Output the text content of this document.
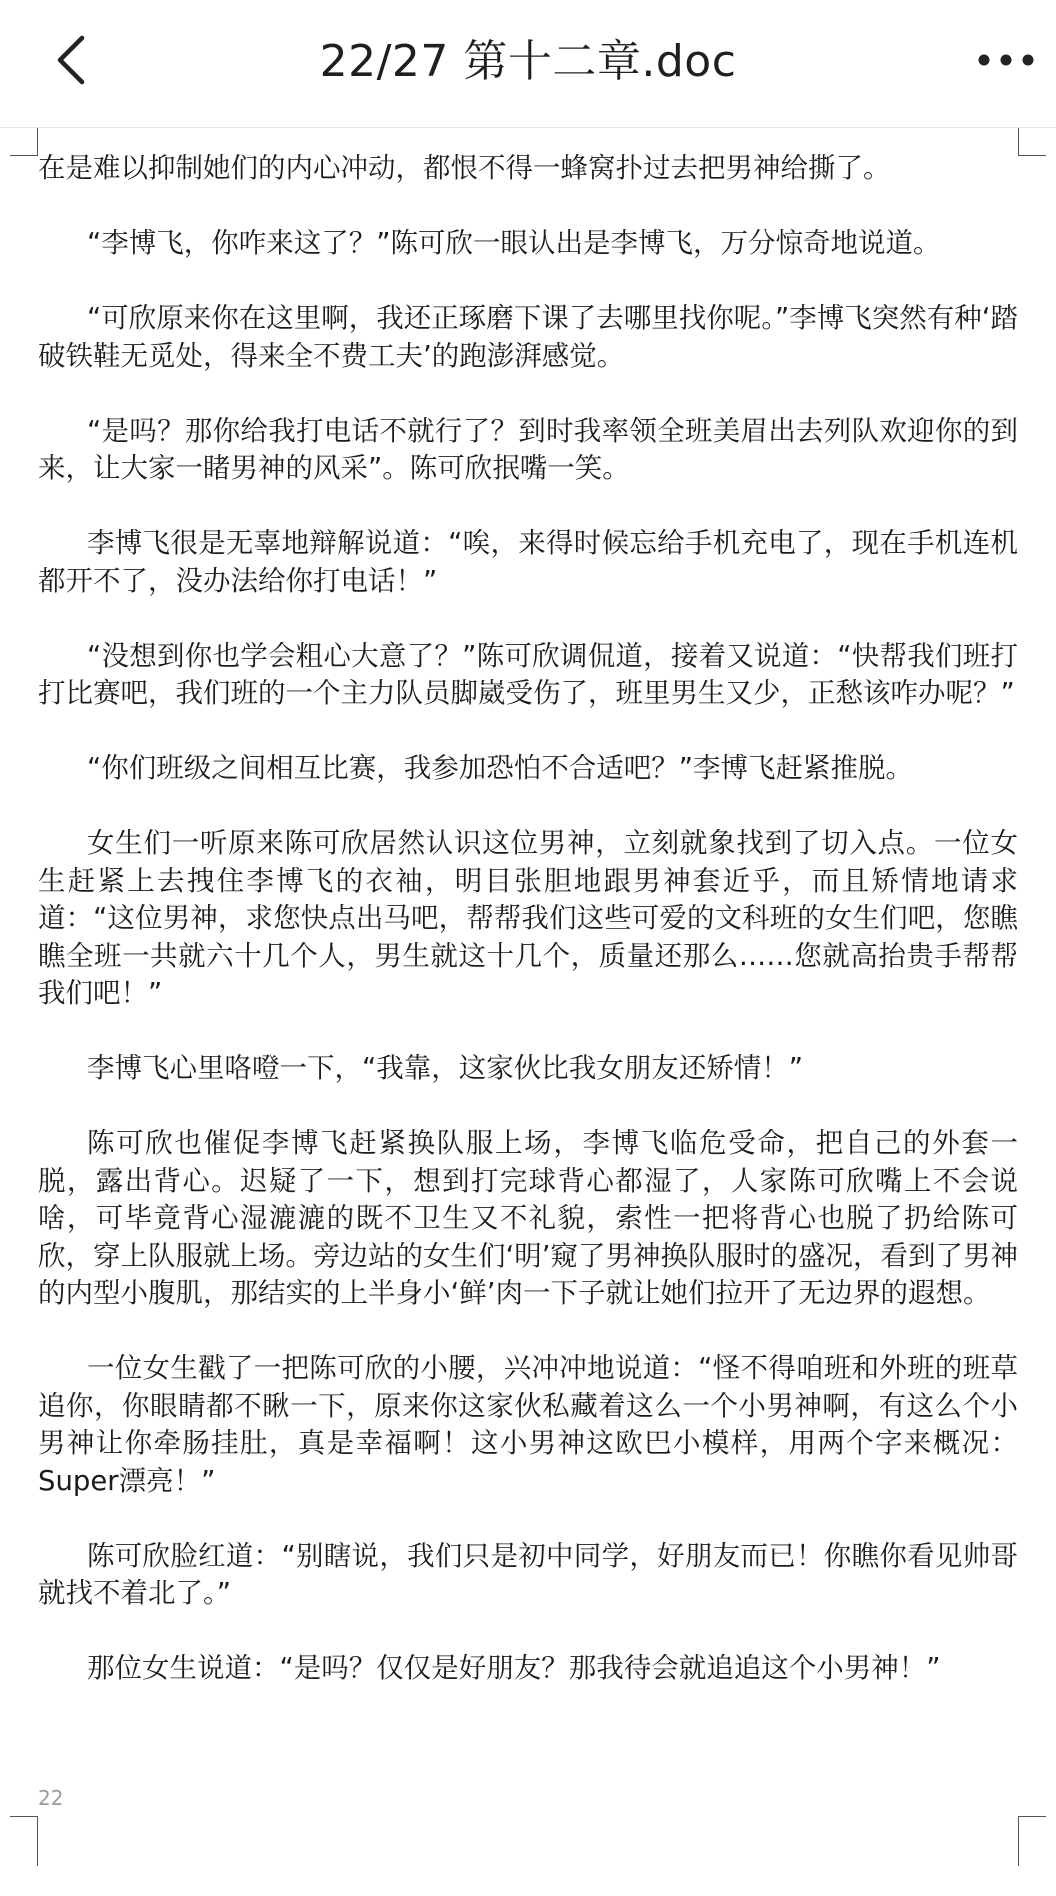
22/27 第十二章.doc

在是难以抑制她们的内心冲动，都恨不得一蜂窝扑过去把男神给撕了。

“李博飞，你咋来这了？”陈可欣一眼认出是李博飞，万分惊奇地说道。

“可欣原来你在这里啊，我还正琢磨下课了去哪里找你呢。”李博飞突然有种‘踏破铁鞋无觅处，得来全不费工夫’的跑澎湃感觉。

“是吗？那你给我打电话不就行了？到时我率领全班美眉出去列队欢迎你的到来，让大家一睹男神的风采”。陈可欣抿嘴一笑。

李博飞很是无辜地辩解说道：“唉，来得时候忘给手机充电了，现在手机连机都开不了，没办法给你打电话！”

“没想到你也学会粗心大意了？”陈可欣调侃道，接着又说道：“快帮我们班打打比赛吧，我们班的一个主力队员脚崴受伤了，班里男生又少，正愁该咋办呢？”

“你们班级之间相互比赛，我参加恐怕不合适吧？”李博飞赶紧推脱。

女生们一听原来陈可欣居然认识这位男神，立刻就象找到了切入点。一位女生赶紧上去拽住李博飞的衣袖，明目张胆地跟男神套近乎，而且矫情地请求道：“这位男神，求您快点出马吧，帮帮我们这些可爱的文科班的女生们吧，您瞧瞧全班一共就六十几个人，男生就这十几个，质量还那么……您就高抬贵手帮帮我们吧！”

李博飞心里咯噔一下，“我靠，这家伙比我女朋友还矫情！”

陈可欣也催促李博飞赶紧换队服上场，李博飞临危受命，把自己的外套一脱，露出背心。迟疑了一下，想到打完球背心都湿了，人家陈可欣嘴上不会说啥，可毕竟背心湿漉漉的既不卫生又不礼貌，索性一把将背心也脱了扔给陈可欣，穿上队服就上场。旁边站的女生们‘明’窥了男神换队服时的盛况，看到了男神的内型小腹肌，那结实的上半身小‘鲜’肉一下子就让她们拉开了无边界的遐想。

一位女生戳了一把陈可欣的小腰，兴冲冲地说道：“怪不得咱班和外班的班草追你，你眼睛都不瞅一下，原来你这家伙私藏着这么一个小男神啊，有这么个小男神让你牵肠挂肚，真是幸福啊！这小男神这欧巴小模样，用两个字来概况：Super漂亮！”

陈可欣脸红道：“别瞎说，我们只是初中同学，好朋友而已！你瞧你看见帅哥就找不着北了。”

那位女生说道：“是吗？仅仅是好朋友？那我待会就追追这个小男神！”

22
